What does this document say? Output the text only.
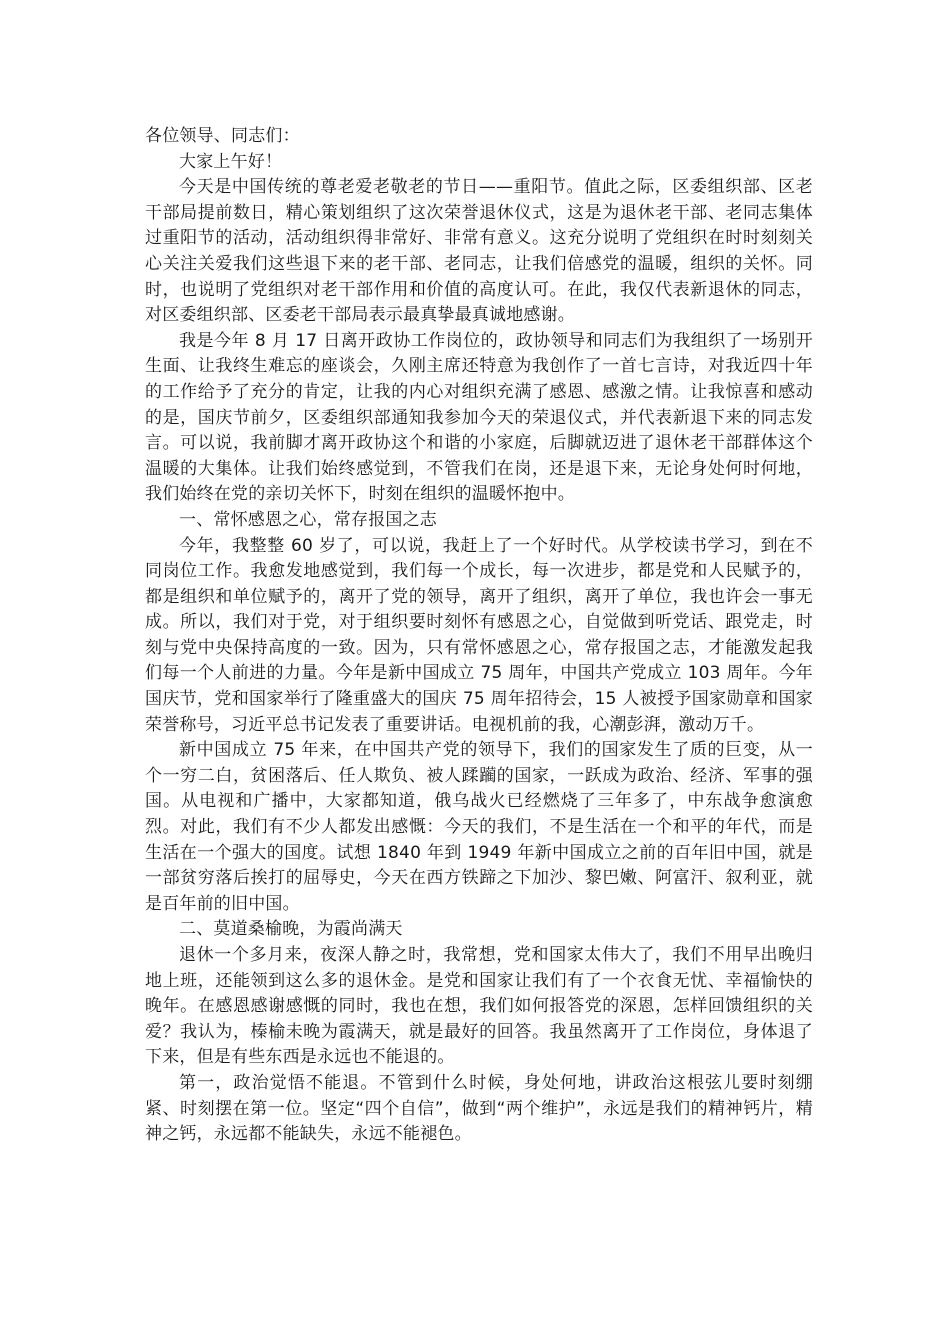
各位领导、同志们：

大家上午好！

今天是中国传统的尊老爱老敬老的节日——重阳节。值此之际，区委组织部、区老干部局提前数日，精心策划组织了这次荣誉退休仪式，这是为退休老干部、老同志集体过重阳节的活动，活动组织得非常好、非常有意义。这充分说明了党组织在时时刻刻关心关注关爱我们这些退下来的老干部、老同志，让我们倍感党的温暖，组织的关怀。同时，也说明了党组织对老干部作用和价值的高度认可。在此，我仅代表新退休的同志，对区委组织部、区委老干部局表示最真挚最真诚地感谢。

我是今年 8 月 17 日离开政协工作岗位的，政协领导和同志们为我组织了一场别开生面、让我终生难忘的座谈会，久刚主席还特意为我创作了一首七言诗，对我近四十年的工作给予了充分的肯定，让我的内心对组织充满了感恩、感激之情。让我惊喜和感动的是，国庆节前夕，区委组织部通知我参加今天的荣退仪式，并代表新退下来的同志发言。可以说，我前脚才离开政协这个和谐的小家庭，后脚就迈进了退休老干部群体这个温暖的大集体。让我们始终感觉到，不管我们在岗，还是退下来，无论身处何时何地，我们始终在党的亲切关怀下，时刻在组织的温暖怀抱中。

一、常怀感恩之心，常存报国之志

今年，我整整 60 岁了，可以说，我赶上了一个好时代。从学校读书学习，到在不同岗位工作。我愈发地感觉到，我们每一个成长，每一次进步，都是党和人民赋予的，都是组织和单位赋予的，离开了党的领导，离开了组织，离开了单位，我也许会一事无成。所以，我们对于党，对于组织要时刻怀有感恩之心，自觉做到听党话、跟党走，时刻与党中央保持高度的一致。因为，只有常怀感恩之心，常存报国之志，才能激发起我们每一个人前进的力量。今年是新中国成立 75 周年，中国共产党成立 103 周年。今年国庆节，党和国家举行了隆重盛大的国庆 75 周年招待会，15 人被授予国家勋章和国家荣誉称号，习近平总书记发表了重要讲话。电视机前的我，心潮彭湃，激动万千。

新中国成立 75 年来，在中国共产党的领导下，我们的国家发生了质的巨变，从一个一穷二白，贫困落后、任人欺负、被人蹂躏的国家，一跃成为政治、经济、军事的强国。从电视和广播中，大家都知道，俄乌战火已经燃烧了三年多了，中东战争愈演愈烈。对此，我们有不少人都发出感慨：今天的我们，不是生活在一个和平的年代，而是生活在一个强大的国度。试想 1840 年到 1949 年新中国成立之前的百年旧中国，就是一部贫穷落后挨打的屈辱史，今天在西方铁蹄之下加沙、黎巴嫩、阿富汗、叙利亚，就是百年前的旧中国。

二、莫道桑榆晚，为霞尚满天

退休一个多月来，夜深人静之时，我常想，党和国家太伟大了，我们不用早出晚归地上班，还能领到这么多的退休金。是党和国家让我们有了一个衣食无忧、幸福愉快的晚年。在感恩感谢感慨的同时，我也在想，我们如何报答党的深恩，怎样回馈组织的关爱？我认为，榛榆未晚为霞满天，就是最好的回答。我虽然离开了工作岗位，身体退了下来，但是有些东西是永远也不能退的。

第一，政治觉悟不能退。不管到什么时候，身处何地，讲政治这根弦儿要时刻绷紧、时刻摆在第一位。坚定“四个自信”，做到“两个维护”，永远是我们的精神钙片，精神之钙，永远都不能缺失，永远不能褪色。
